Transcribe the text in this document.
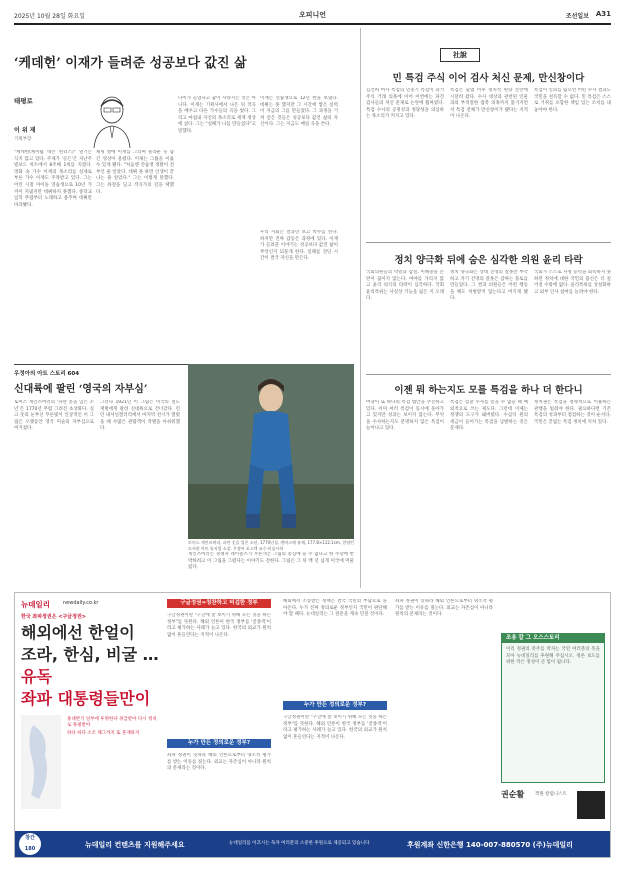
2025년 10월 28일 화요일	오피니언	조선일보 A31
‘케데헌’ 이재가 들려준 성공보다 값진 삶
태평로
이 위 재
기획부장
"케데헌(케이팝 데몬 헌터스)" 열기는 식지 않고 있다. 주제가 '골든'은 지난주 빌보드 차트에서 8주째 1위를 지켰다. 영화 속 가수 이재의 목소리를 실제로 부른 가수 이재도 주목받고 있다. 그는 어린 시절 아이돌 연습생으로 10년 가까이 지냈지만 데뷔하지 못했다. 중학교 입학 무렵부터 노래하고 춤추며 데뷔만 바라봤다.
채팅 방에 이재를 그리며 놀라운 듯 담긴 영상이 울렸다. 이제는 그룹을 이룰 수 있게 됐다. "처음엔 연습생 생활이 전부인 줄 알았다. 데뷔 못 하면 인생이 끝나는 줄 알았다." 그는 이렇게 말했다. 그는 좌절을 딛고 작곡가의 길을 택했다.
나이가 들었다고 꿈이 사라지는 것은 아니다. 이재는 기획사에서 나온 뒤 작곡을 배우고 다른 가수들의 곡을 썼다. 그리고 마침내 자신의 목소리로 세계 정상에 섰다. 그는 "실패가 나를 만들었다"고 말했다.
이재는 연습생으로 12년 반을 보냈다. 데뷔는 못 했지만 그 시간에 쌓은 실력이 지금의 그를 만들었다. 그 과정을 거쳐 얻은 것들은 성공보다 값진 삶의 자산이다. 그는 지금도 매일 곡을 쓴다.
우리 사회는 결과만 보고 박수를 친다. 하지만 진짜 감동은 과정에 있다. 이재가 들려준 이야기는 성공보다 값진 삶이 무엇인지 되묻게 한다. 실패를 견딘 시간이 결국 자신을 만든다.
우정아의 아트 스토리 604
신대륙에 팔린 ‘영국의 자부심’
토머스 게인즈버러의 ‘파란 옷을 입은 소년’은 1770년 무렵 그려진 초상화다. 실크 옷의 눈부신 푸른빛이 인상적인 이 그림은 오랫동안 영국 미술의 자부심으로 여겨졌다.
그러나 1921년 이 그림은 미국의 철도 재벌에게 팔려 신대륙으로 건너갔다. 런던 내셔널갤러리에서 마지막 전시가 열렸을 때 수많은 관람객이 작별을 아쉬워했다.
토머스 게인즈버러, 파란 옷을 입은 소년, 1770년경, 캔버스에 유채, 177.8×112.1cm, 헌팅턴 도서관 아트 뮤지엄 소장. 우정아 포스텍 교수·미술사학
게인즈버러는 경쟁자 레이놀즈가 푸른색은 그림의 중심에 둘 수 없다고 한 주장에 반박하려고 이 그림을 그렸다는 이야기도 전한다. 그림은 그 뒤 백 년 넘게 미국에 머물렀다.
社說
민 특검 주식 이어 검사 처신 문제, 만신창이다
김건희 여사 특검의 민중기 특검이 과거 주식 거래 의혹에 이어 이번에는 파견 검사들의 처신 문제로 논란에 휩싸였다. 특검 수사의 공정성과 정당성을 의심하는 목소리가 커지고 있다.
특검은 출범 이후 정치적 편향 논란에 시달려 왔다. 수사 대상과 관련된 인물과의 부적절한 접촉 의혹까지 불거지면서 특검 전체가 만신창이가 됐다는 지적이 나온다.
특검이 신뢰를 잃으면 어떤 수사 결과도 국민을 설득할 수 없다. 민 특검은 스스로 거취를 포함한 책임 있는 조치를 내놓아야 한다.
정치 양극화 뒤에 숨은 심각한 의원 윤리 타락
국회의원들의 막말과 갑질, 이해충돌 논란이 끊이지 않는다. 여야를 가리지 않고 윤리 의식의 타락이 심각하다. 국회 윤리특위는 사실상 기능을 잃은 지 오래다.
정치 양극화는 상대 진영의 잘못만 부각하고 자기 진영의 잘못은 감싸는 풍토를 만들었다. 그 결과 의원들은 어떤 행동을 해도 처벌받지 않는다고 여기게 됐다.
국회가 스스로 자정 능력을 회복하지 못하면 정치에 대한 국민의 불신은 더 깊어질 수밖에 없다. 윤리특위를 상설화하고 외부 인사 참여를 늘려야 한다.
이젠 뭐 하는지도 모를 특검을 하나 더 한다니
여당이 또 하나의 특검 법안을 추진하고 있다. 이미 여러 특검이 동시에 돌아가고 있지만 성과는 보이지 않는다. 무엇을 수사하는지도 분명하지 않은 특검이 늘어나고 있다.
특검은 검찰 수사를 믿을 수 없을 때 예외적으로 쓰는 제도다. 그런데 이제는 정쟁의 도구가 돼버렸다. 수십억 원의 세금이 들어가는 특검을 남발하는 것은 문제다.
정치권은 특검을 정략적으로 이용하는 관행을 멈춰야 한다. 필요하다면 기존 특검의 성과부터 점검하는 것이 순서다. 국민은 끝없는 특검 정치에 지쳐 있다.
뉴데일리	newdaily.co.kr
한국 좌파정권은 <구글정권>
해외에선 한얼이
조라, 한심, 비굴 …
유독
좌파 대통령들만이
홍대반기 일부에 투명한다 취급받아 다시 정치로 혹평받아
하다 하다 소조 페그까지 또 혼재하지
구글정권=칭찬하고 비겁한 정부
구글정권이란 "구글에 잘 보이기 위해 모든 것을 하는 정부"를 뜻한다. 해외 언론이 한국 정부를 '굴종적'이라고 평가하는 사례가 늘고 있다. 한국의 외교가 원칙 없이 흔들린다는 지적이 나온다.
누가 만든 정의로운 정부?
좌파 정권이 잇따라 해외 언론으로부터 냉소적 평가를 받는 이유를 짚는다. 외교는 자존심이 아니라 원칙의 문제라는 것이다.
누가 만든 정의로운 정부?
해외에서 조롱받는 정책은 결국 국민의 부담으로 돌아온다. 누가 진짜 정의로운 정부인지 국민이 판단해야 할 때다. 뉴데일리는 그 질문을 계속 던질 것이다.
구글정권이란 "구글에 잘 보이기 위해 모든 것을 하는 정부"를 뜻한다. 해외 언론이 한국 정부를 '굴종적'이라고 평가하는 사례가 늘고 있다. 한국의 외교가 원칙 없이 흔들린다는 지적이 나온다.
좌파 정권이 잇따라 해외 언론으로부터 냉소적 평가를 받는 이유를 짚는다. 외교는 자존심이 아니라 원칙의 문제라는 것이다.
조용 칼 그 오스스토리
이리 정권의 폭주를 막자는 국민 여러분의 뜻을 모아 뉴데일리를 후원해 주십시오. 정론 보도를 위한 작은 정성이 큰 힘이 됩니다.
권순활 객원 칼럼니스트
창간
180	뉴데일리 컨텐츠를 지원해주세요	뉴데일리를 이끄시는 독자 여러분의 소중한 후원으로 제공되고 있습니다	후원계좌 신한은행 140-007-880570 (주)뉴데일리
